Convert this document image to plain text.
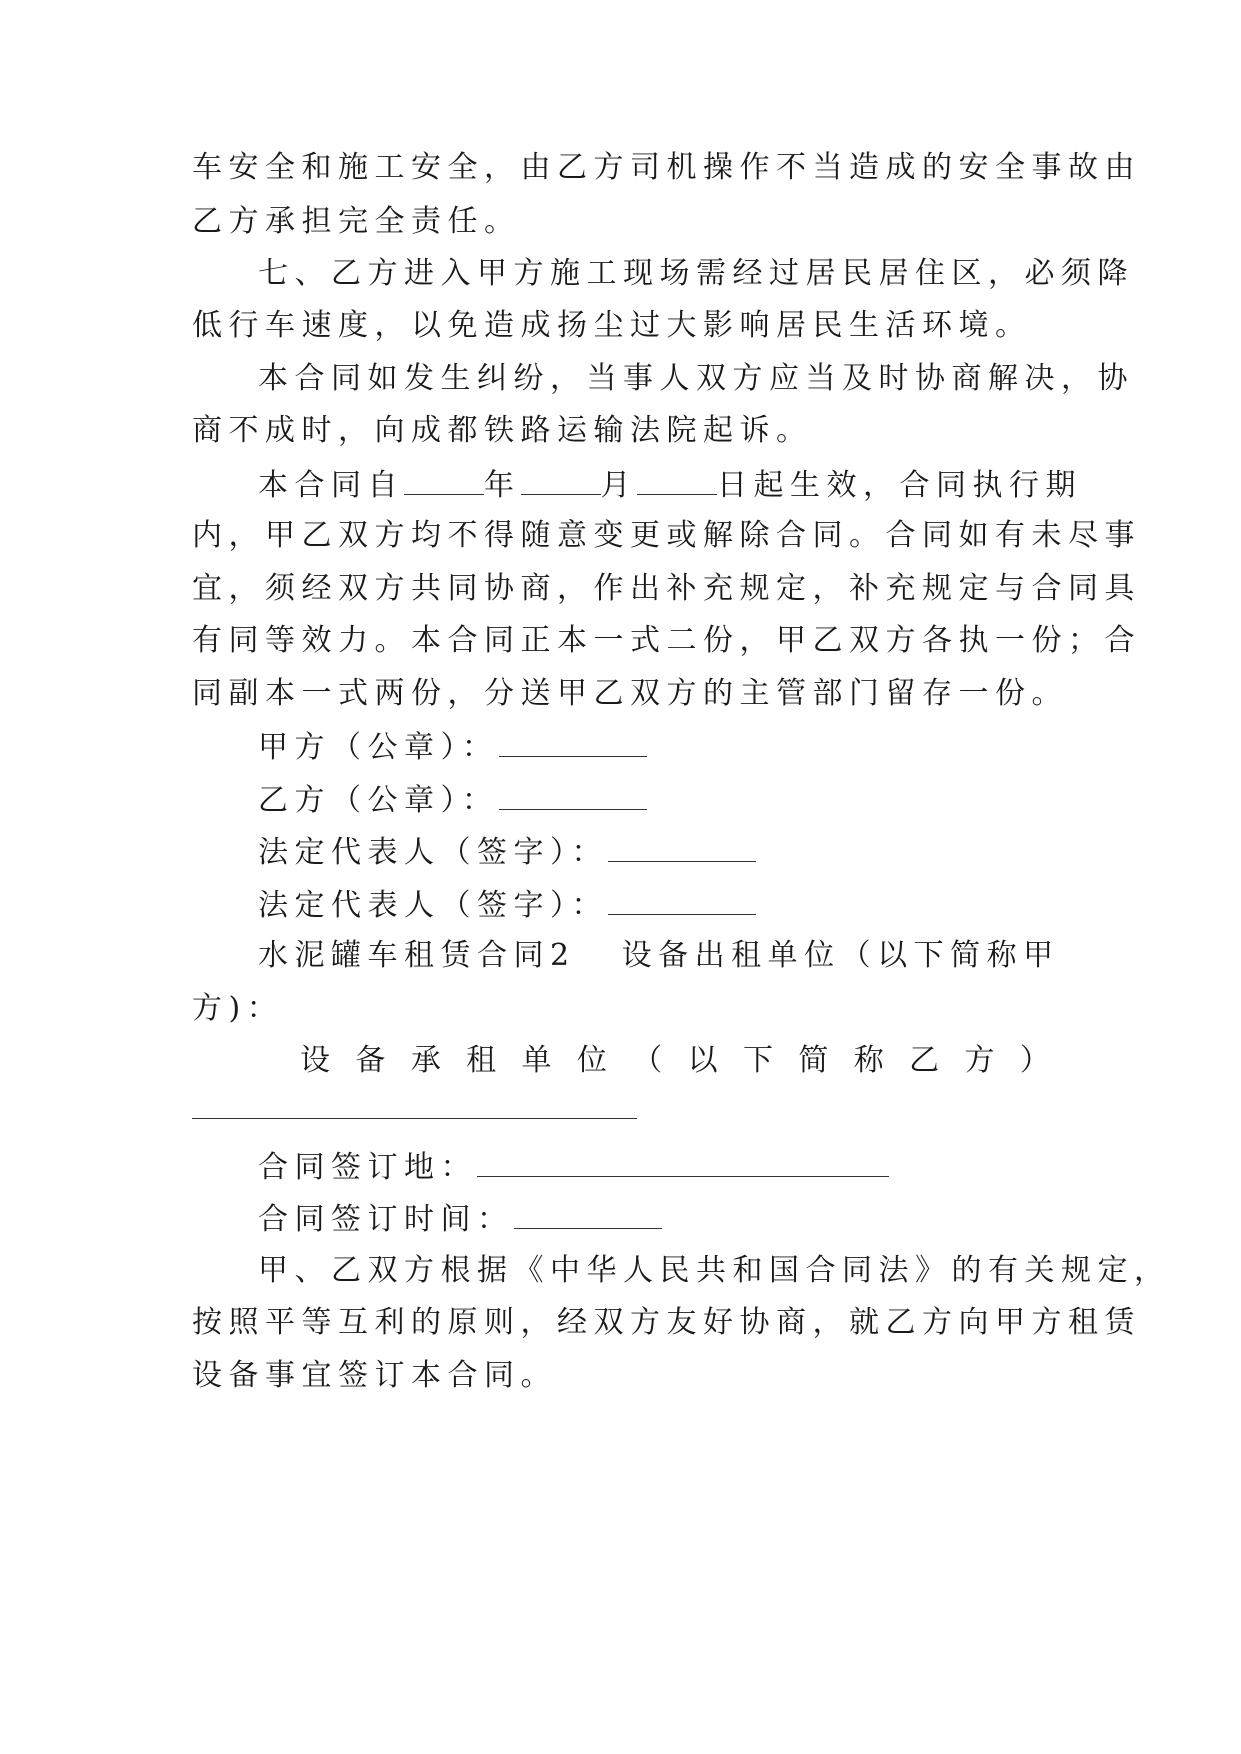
车安全和施工安全，由乙方司机操作不当造成的安全事故由
乙方承担完全责任。
七、乙方进入甲方施工现场需经过居民居住区，必须降
低行车速度，以免造成扬尘过大影响居民生活环境。
本合同如发生纠纷，当事人双方应当及时协商解决，协
商不成时，向成都铁路运输法院起诉。
本合同自	年	月	日起生效，合同执行期
内，甲乙双方均不得随意变更或解除合同。合同如有未尽事
宜，须经双方共同协商，作出补充规定，补充规定与合同具
有同等效力。本合同正本一式二份，甲乙双方各执一份；合
同副本一式两份，分送甲乙双方的主管部门留存一份。
甲方（公章）：
乙方（公章）：
法定代表人（签字）：
法定代表人（签字）：
水泥罐车租赁合同2 设备出租单位（以下简称甲
方)：
设 备 承 租 单 位 （ 以 下 简 称 乙 方 ）
合同签订地：
合同签订时间：
甲、乙双方根据《中华人民共和国合同法》的有关规定，
按照平等互利的原则，经双方友好协商，就乙方向甲方租赁
设备事宜签订本合同。
